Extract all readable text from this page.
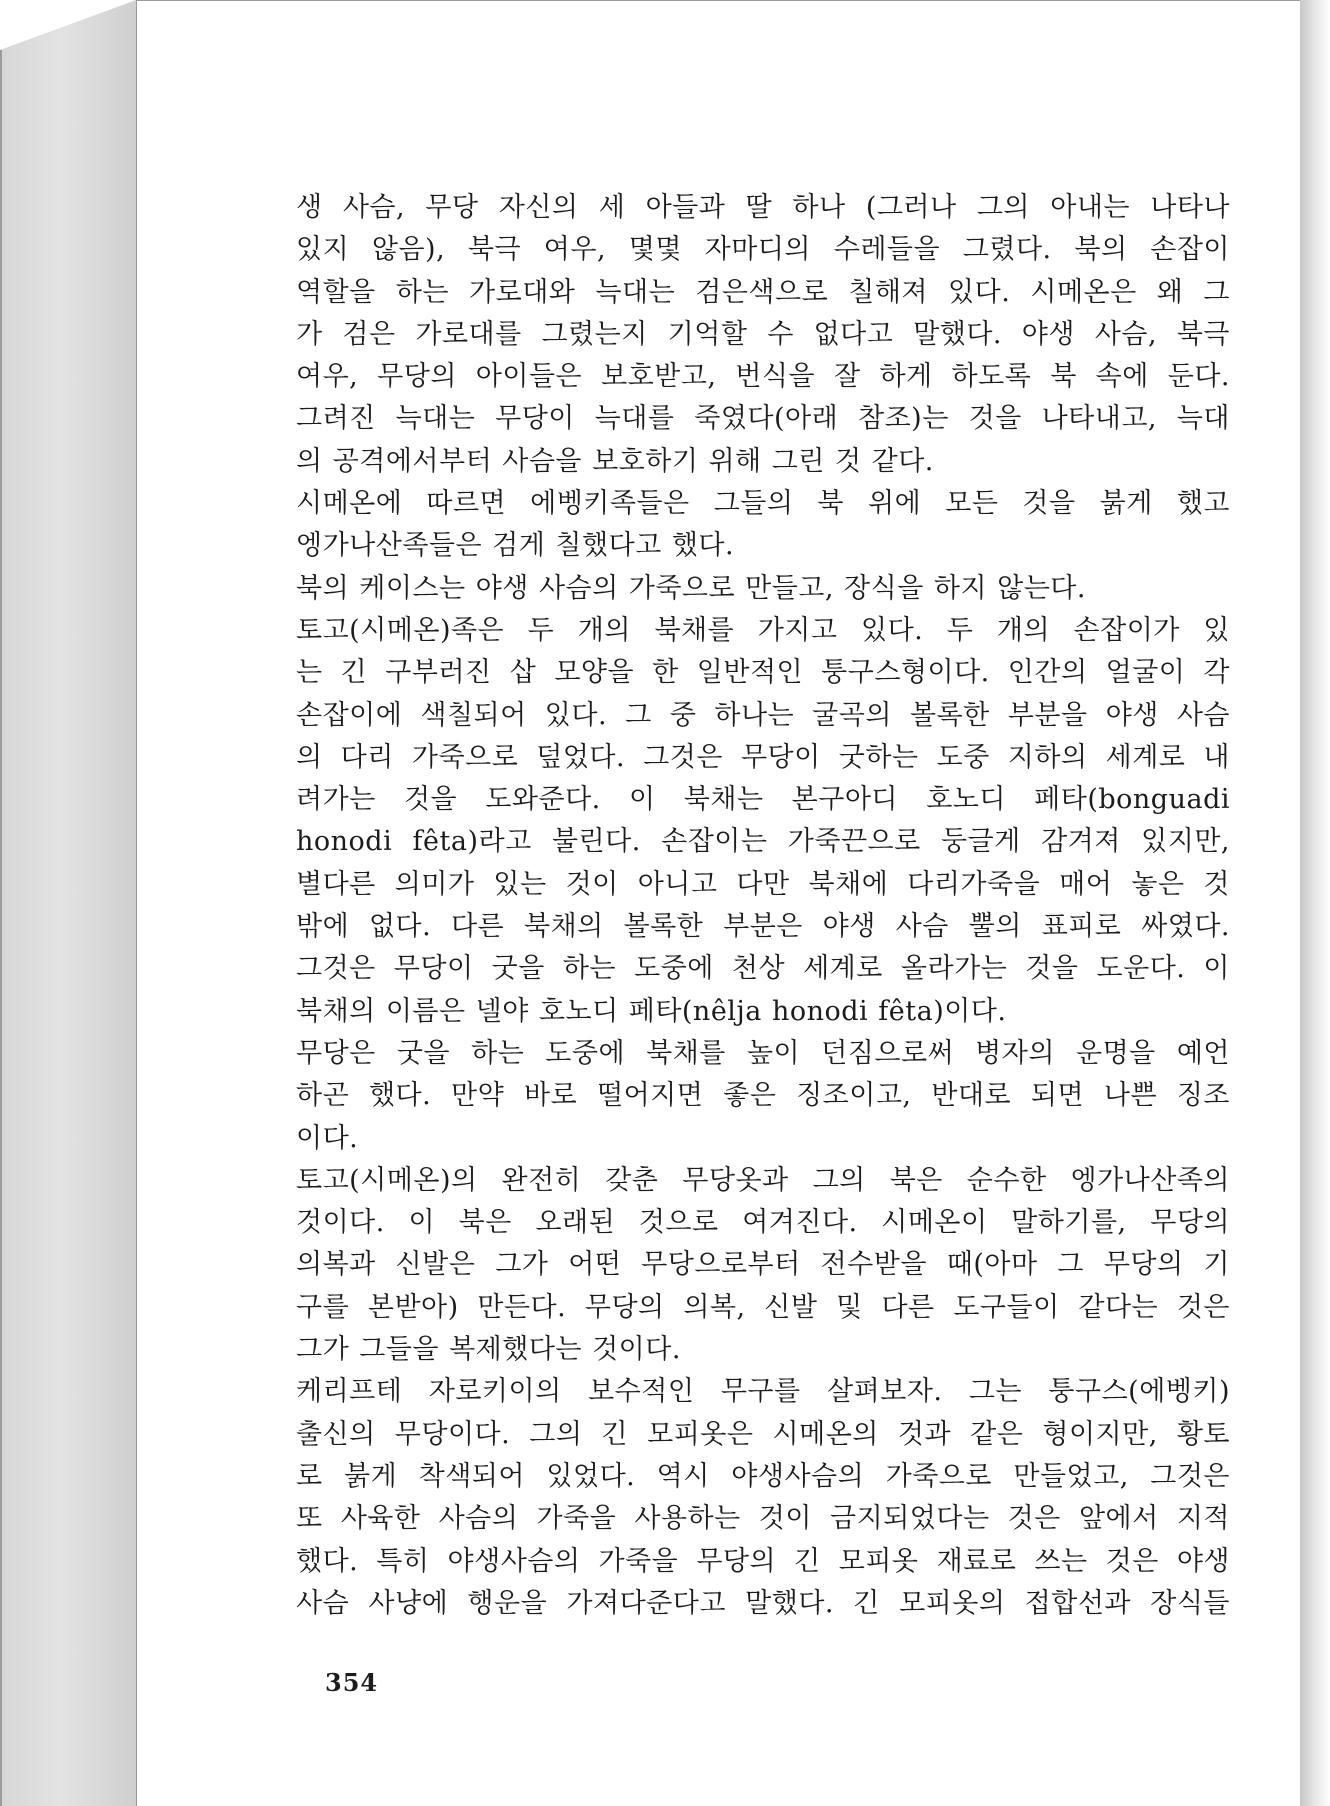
생 사슴, 무당 자신의 세 아들과 딸 하나 (그러나 그의 아내는 나타나
있지 않음), 북극 여우, 몇몇 자마디의 수레들을 그렸다. 북의 손잡이
역할을 하는 가로대와 늑대는 검은색으로 칠해져 있다. 시메온은 왜 그
가 검은 가로대를 그렸는지 기억할 수 없다고 말했다. 야생 사슴, 북극
여우, 무당의 아이들은 보호받고, 번식을 잘 하게 하도록 북 속에 둔다.
그려진 늑대는 무당이 늑대를 죽였다(아래 참조)는 것을 나타내고, 늑대
의 공격에서부터 사슴을 보호하기 위해 그린 것 같다.
시메온에 따르면 에벵키족들은 그들의 북 위에 모든 것을 붉게 했고
엥가나산족들은 검게 칠했다고 했다.
북의 케이스는 야생 사슴의 가죽으로 만들고, 장식을 하지 않는다.
토고(시메온)족은 두 개의 북채를 가지고 있다. 두 개의 손잡이가 있
는 긴 구부러진 삽 모양을 한 일반적인 퉁구스형이다. 인간의 얼굴이 각
손잡이에 색칠되어 있다. 그 중 하나는 굴곡의 볼록한 부분을 야생 사슴
의 다리 가죽으로 덮었다. 그것은 무당이 굿하는 도중 지하의 세계로 내
려가는 것을 도와준다. 이 북채는 본구아디 호노디 페타(bonguadi
honodi fêta)라고 불린다. 손잡이는 가죽끈으로 둥글게 감겨져 있지만,
별다른 의미가 있는 것이 아니고 다만 북채에 다리가죽을 매어 놓은 것
밖에 없다. 다른 북채의 볼록한 부분은 야생 사슴 뿔의 표피로 싸였다.
그것은 무당이 굿을 하는 도중에 천상 세계로 올라가는 것을 도운다. 이
북채의 이름은 넬야 호노디 페타(nêlja honodi fêta)이다.
무당은 굿을 하는 도중에 북채를 높이 던짐으로써 병자의 운명을 예언
하곤 했다. 만약 바로 떨어지면 좋은 징조이고, 반대로 되면 나쁜 징조
이다.
토고(시메온)의 완전히 갖춘 무당옷과 그의 북은 순수한 엥가나산족의
것이다. 이 북은 오래된 것으로 여겨진다. 시메온이 말하기를, 무당의
의복과 신발은 그가 어떤 무당으로부터 전수받을 때(아마 그 무당의 기
구를 본받아) 만든다. 무당의 의복, 신발 및 다른 도구들이 같다는 것은
그가 그들을 복제했다는 것이다.
케리프테 자로키이의 보수적인 무구를 살펴보자. 그는 퉁구스(에벵키)
출신의 무당이다. 그의 긴 모피옷은 시메온의 것과 같은 형이지만, 황토
로 붉게 착색되어 있었다. 역시 야생사슴의 가죽으로 만들었고, 그것은
또 사육한 사슴의 가죽을 사용하는 것이 금지되었다는 것은 앞에서 지적
했다. 특히 야생사슴의 가죽을 무당의 긴 모피옷 재료로 쓰는 것은 야생
사슴 사냥에 행운을 가져다준다고 말했다. 긴 모피옷의 접합선과 장식들
354
